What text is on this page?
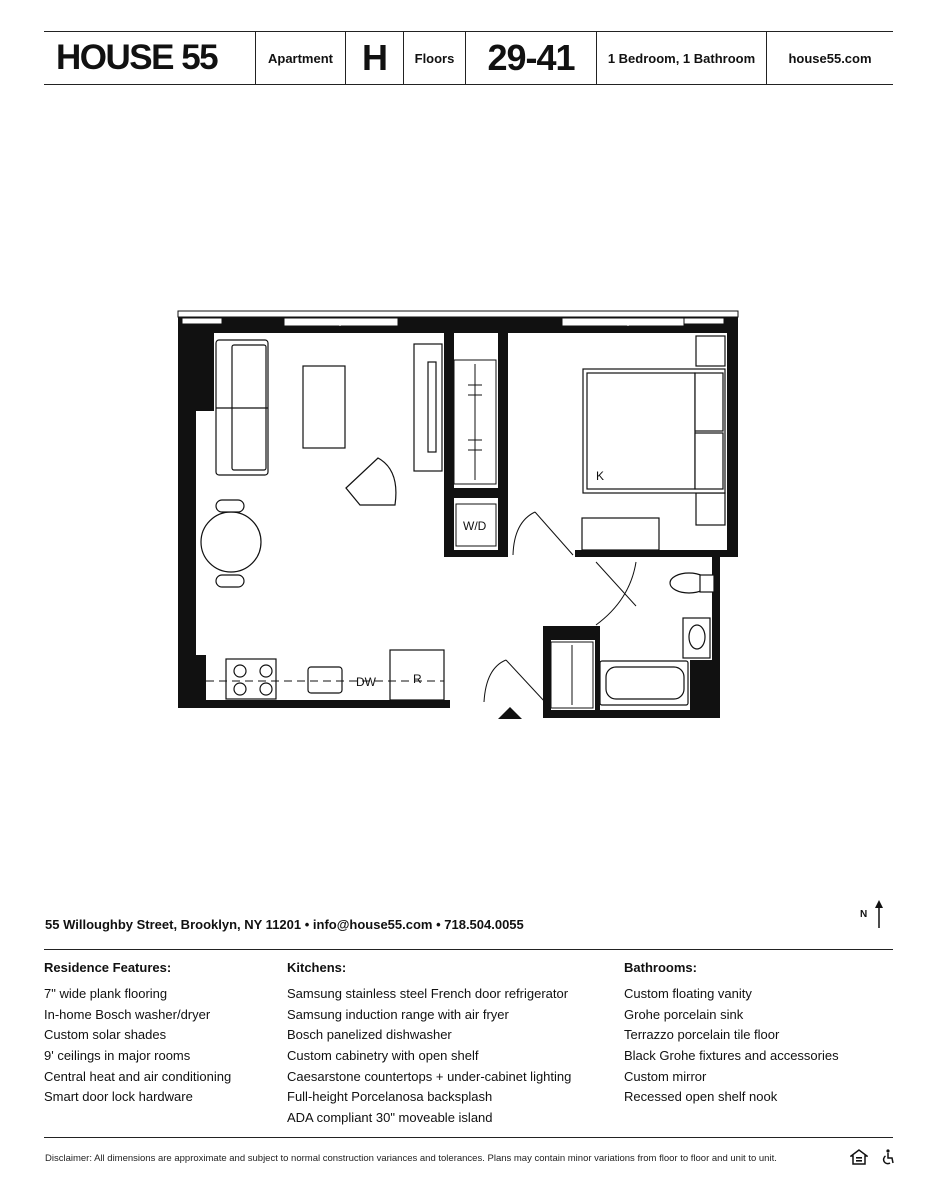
HOUSE 55	Apartment H	Floors 29-41	1 Bedroom, 1 Bathroom	house55.com
W/D
K
DW	R
N
55 Willoughby Street, Brooklyn, NY 11201 • info@house55.com • 718.504.0055
Residence Features:
7" wide plank flooring
In-home Bosch washer/dryer
Custom solar shades
9' ceilings in major rooms
Central heat and air conditioning
Smart door lock hardware
Kitchens:
Samsung stainless steel French door refrigerator
Samsung induction range with air fryer
Bosch panelized dishwasher
Custom cabinetry with open shelf
Caesarstone countertops + under-cabinet lighting
Full-height Porcelanosa backsplash
ADA compliant 30" moveable island
Bathrooms:
Custom floating vanity
Grohe porcelain sink
Terrazzo porcelain tile floor
Black Grohe fixtures and accessories
Custom mirror
Recessed open shelf nook
Disclaimer: All dimensions are approximate and subject to normal construction variances and tolerances. Plans may contain minor variations from floor to floor and unit to unit.
